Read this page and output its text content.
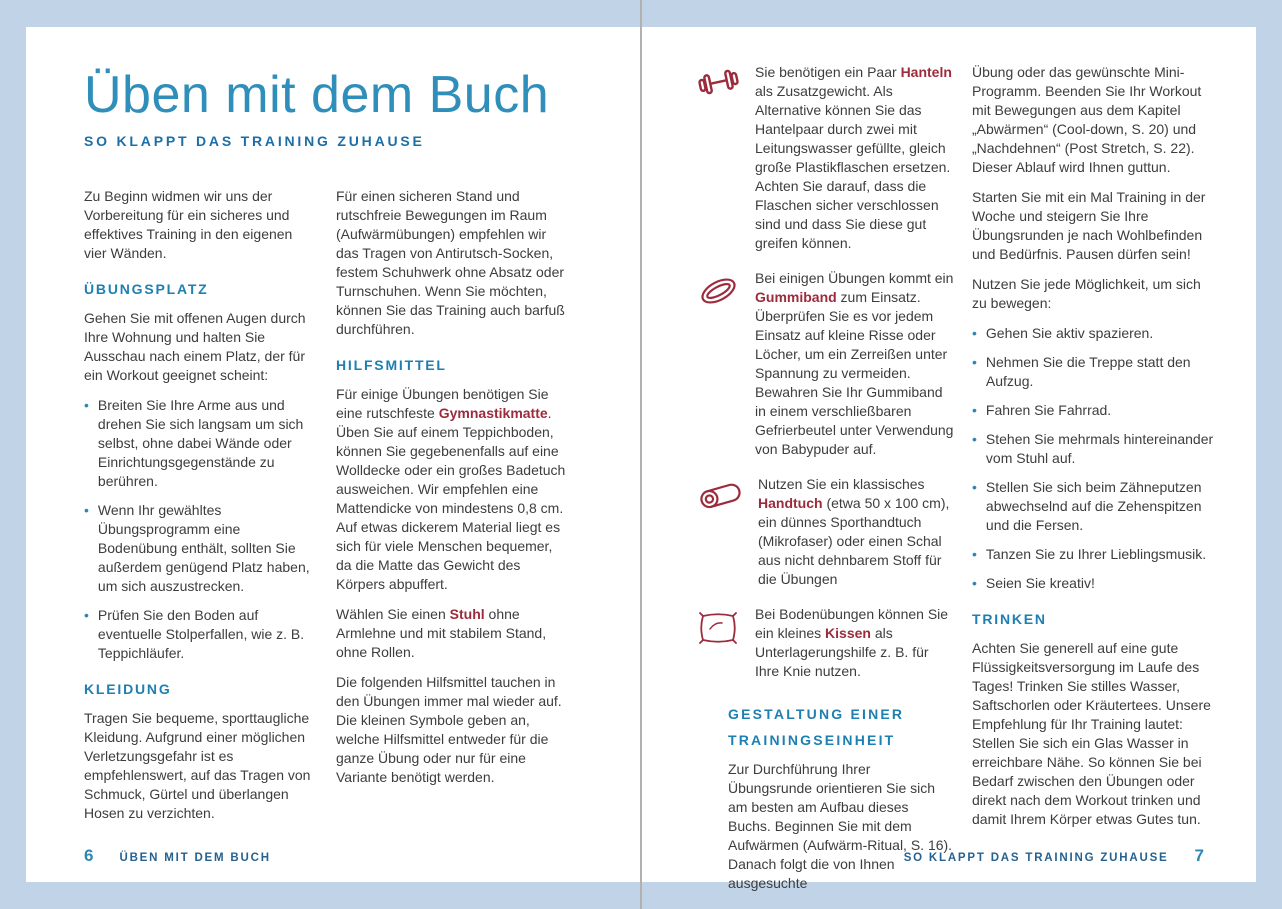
Üben mit dem Buch
SO KLAPPT DAS TRAINING ZUHAUSE

Zu Beginn widmen wir uns der Vorbereitung für ein sicheres und effektives Training in den eigenen vier Wänden.

ÜBUNGSPLATZ

Gehen Sie mit offenen Augen durch Ihre Wohnung und halten Sie Ausschau nach einem Platz, der für ein Workout geeignet scheint:

• Breiten Sie Ihre Arme aus und drehen Sie sich langsam um sich selbst, ohne dabei Wände oder Einrichtungsgegenstände zu berühren.
• Wenn Ihr gewähltes Übungsprogramm eine Bodenübung enthält, sollten Sie außerdem genügend Platz haben, um sich auszustrecken.
• Prüfen Sie den Boden auf eventuelle Stolperfallen, wie z. B. Teppichläufer.
KLEIDUNG

Tragen Sie bequeme, sporttaugliche Kleidung. Aufgrund einer möglichen Verletzungsgefahr ist es empfehlenswert, auf das Tragen von Schmuck, Gürtel und überlangen Hosen zu verzichten.

Für einen sicheren Stand und rutschfreie Bewegungen im Raum (Aufwärmübungen) empfehlen wir das Tragen von Antirutsch-Socken, festem Schuhwerk ohne Absatz oder Turnschuhen. Wenn Sie möchten, können Sie das Training auch barfuß durchführen.

HILFSMITTEL

Für einige Übungen benötigen Sie eine rutschfeste Gymnastikmatte. Üben Sie auf einem Teppichboden, können Sie gegebenenfalls auf eine Wolldecke oder ein großes Badetuch ausweichen. Wir empfehlen eine Mattendicke von mindestens 0,8 cm. Auf etwas dickerem Material liegt es sich für viele Menschen bequemer, da die Matte das Gewicht des Körpers abpuffert.

Wählen Sie einen Stuhl ohne Armlehne und mit stabilem Stand, ohne Rollen.

Die folgenden Hilfsmittel tauchen in den Übungen immer mal wieder auf. Die kleinen Symbole geben an, welche Hilfsmittel entweder für die ganze Übung oder nur für eine Variante benötigt werden.

6 ÜBEN MIT DEM BUCH

Sie benötigen ein Paar Hanteln als Zusatzgewicht. Als Alternative können Sie das Hantelpaar durch zwei mit Leitungswasser gefüllte, gleich große Plastikflaschen ersetzen. Achten Sie darauf, dass die Flaschen sicher verschlossen sind und dass Sie diese gut greifen können.

Bei einigen Übungen kommt ein Gummiband zum Einsatz. Überprüfen Sie es vor jedem Einsatz auf kleine Risse oder Löcher, um ein Zerreißen unter Spannung zu vermeiden. Bewahren Sie Ihr Gummiband in einem verschließbaren Gefrierbeutel unter Verwendung von Babypuder auf.

Nutzen Sie ein klassisches Handtuch (etwa 50 x 100 cm), ein dünnes Sporthandtuch (Mikrofaser) oder einen Schal aus nicht dehnbarem Stoff für die Übungen

Bei Bodenübungen können Sie ein kleines Kissen als Unterlagerungshilfe z. B. für Ihre Knie nutzen.

GESTALTUNG EINER TRAININGSEINHEIT

Zur Durchführung Ihrer Übungsrunde orientieren Sie sich am besten am Aufbau dieses Buchs. Beginnen Sie mit dem Aufwärmen (Aufwärm-Ritual, S. 16). Danach folgt die von Ihnen ausgesuchte

Übung oder das gewünschte Mini-Programm. Beenden Sie Ihr Workout mit Bewegungen aus dem Kapitel „Abwärmen“ (Cool-down, S. 20) und „Nachdehnen“ (Post Stretch, S. 22). Dieser Ablauf wird Ihnen guttun.

Starten Sie mit ein Mal Training in der Woche und steigern Sie Ihre Übungsrunden je nach Wohlbefinden und Bedürfnis. Pausen dürfen sein!

Nutzen Sie jede Möglichkeit, um sich zu bewegen:

• Gehen Sie aktiv spazieren.
• Nehmen Sie die Treppe statt den Aufzug.
• Fahren Sie Fahrrad.
• Stehen Sie mehrmals hintereinander vom Stuhl auf.
• Stellen Sie sich beim Zähneputzen abwechselnd auf die Zehenspitzen und die Fersen.
• Tanzen Sie zu Ihrer Lieblingsmusik.
• Seien Sie kreativ!
TRINKEN

Achten Sie generell auf eine gute Flüssigkeitsversorgung im Laufe des Tages! Trinken Sie stilles Wasser, Saftschorlen oder Kräutertees. Unsere Empfehlung für Ihr Training lautet: Stellen Sie sich ein Glas Wasser in erreichbare Nähe. So können Sie bei Bedarf zwischen den Übungen oder direkt nach dem Workout trinken und damit Ihrem Körper etwas Gutes tun.

SO KLAPPT DAS TRAINING ZUHAUSE 7
